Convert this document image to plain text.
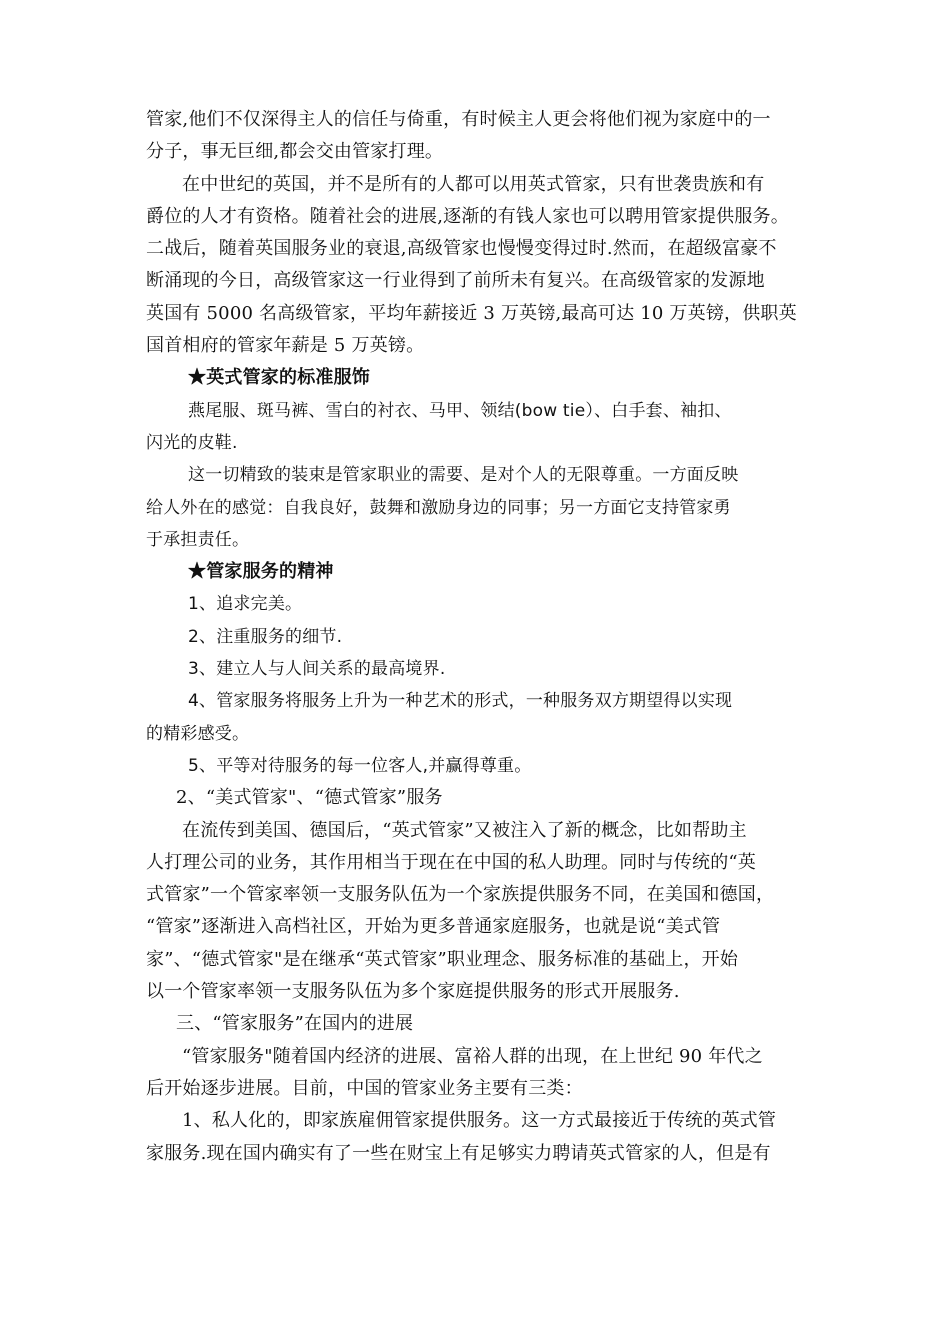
管家,他们不仅深得主人的信任与倚重，有时候主人更会将他们视为家庭中的一

分子，事无巨细,都会交由管家打理。

在中世纪的英国，并不是所有的人都可以用英式管家，只有世袭贵族和有

爵位的人才有资格。随着社会的进展,逐渐的有钱人家也可以聘用管家提供服务。

二战后，随着英国服务业的衰退,高级管家也慢慢变得过时.然而，在超级富豪不

断涌现的今日，高级管家这一行业得到了前所未有复兴。在高级管家的发源地

英国有 5000 名高级管家，平均年薪接近 3 万英镑,最高可达 10 万英镑，供职英

国首相府的管家年薪是 5 万英镑。

★英式管家的标准服饰

燕尾服、斑马裤、雪白的衬衣、马甲、领结(bow tie）、白手套、袖扣、

闪光的皮鞋.

这一切精致的装束是管家职业的需要、是对个人的无限尊重。一方面反映

给人外在的感觉：自我良好，鼓舞和激励身边的同事；另一方面它支持管家勇

于承担责任。

★管家服务的精神

1、追求完美。

2、注重服务的细节.

3、建立人与人间关系的最高境界.

4、管家服务将服务上升为一种艺术的形式，一种服务双方期望得以实现

的精彩感受。

5、平等对待服务的每一位客人,并赢得尊重。

2、“美式管家"、“德式管家”服务

在流传到美国、德国后，“英式管家”又被注入了新的概念，比如帮助主

人打理公司的业务，其作用相当于现在在中国的私人助理。同时与传统的“英

式管家”一个管家率领一支服务队伍为一个家族提供服务不同，在美国和德国，

“管家”逐渐进入高档社区，开始为更多普通家庭服务，也就是说“美式管

家”、“德式管家"是在继承“英式管家”职业理念、服务标准的基础上，开始

以一个管家率领一支服务队伍为多个家庭提供服务的形式开展服务.

三、“管家服务”在国内的进展

“管家服务"随着国内经济的进展、富裕人群的出现，在上世纪 90 年代之

后开始逐步进展。目前，中国的管家业务主要有三类：

1、私人化的，即家族雇佣管家提供服务。这一方式最接近于传统的英式管

家服务.现在国内确实有了一些在财宝上有足够实力聘请英式管家的人，但是有
